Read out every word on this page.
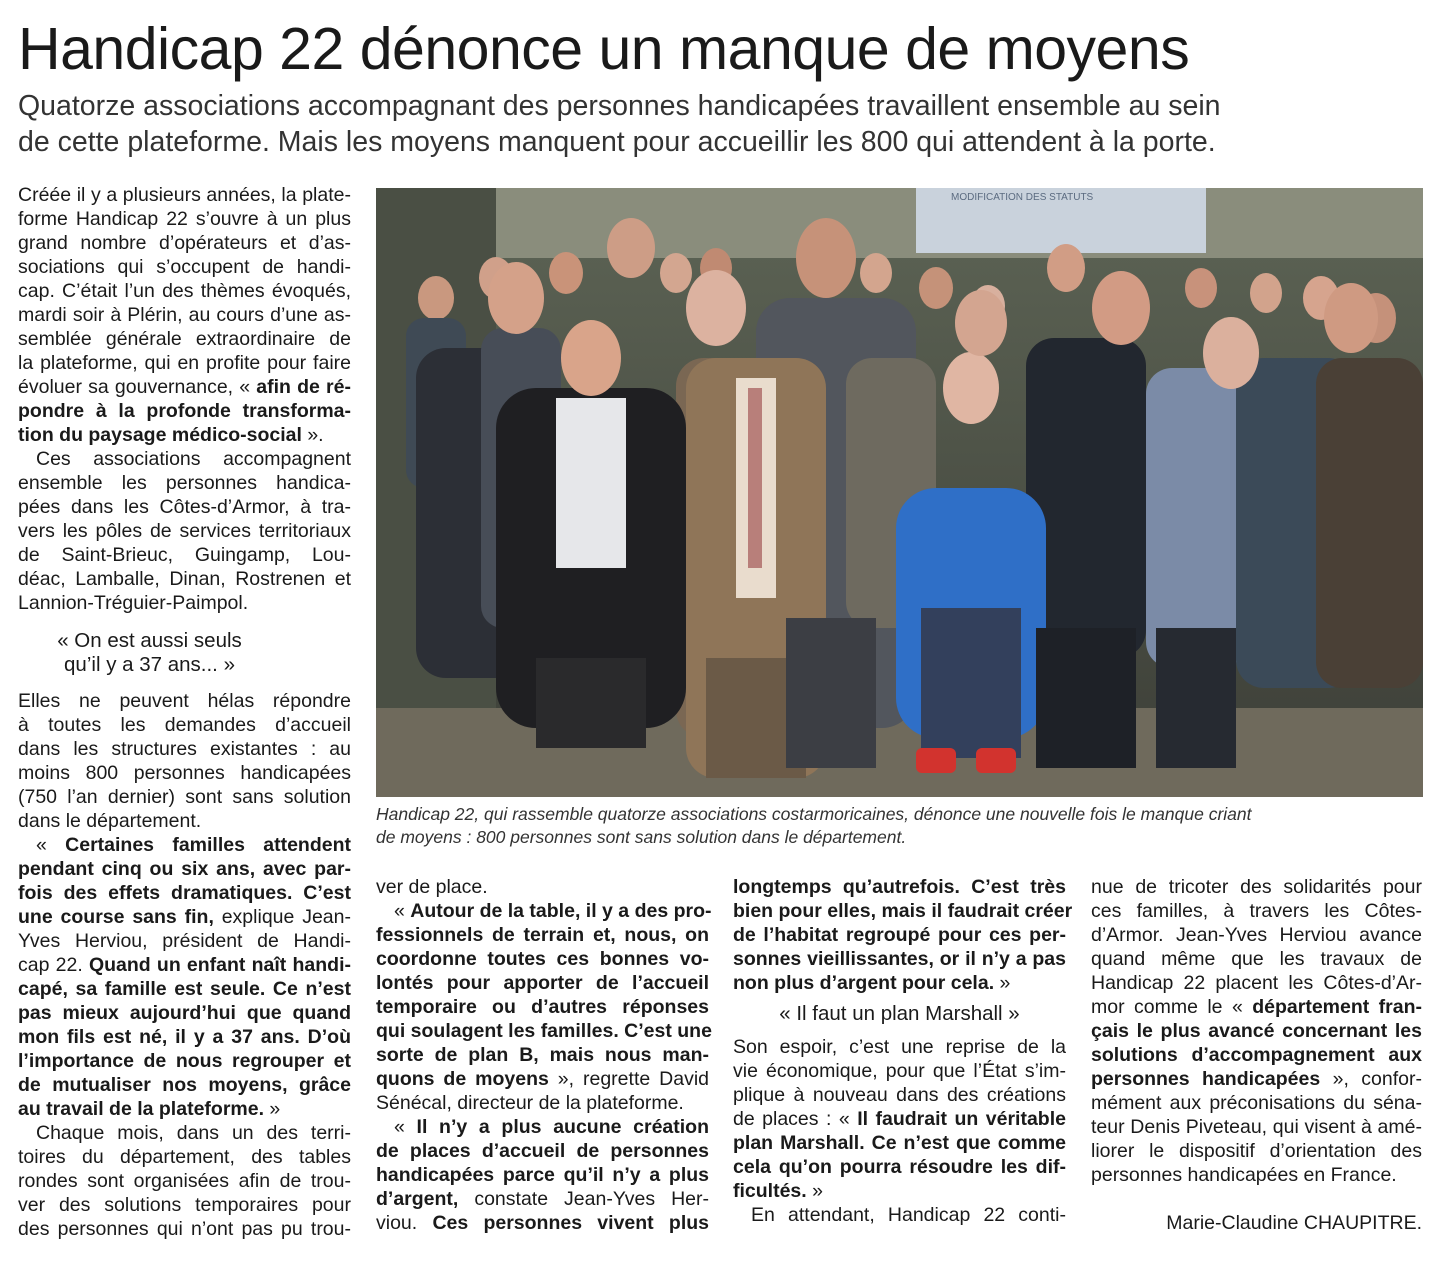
Handicap 22 dénonce un manque de moyens
Quatorze associations accompagnant des personnes handicapées travaillent ensemble au sein
de cette plateforme. Mais les moyens manquent pour accueillir les 800 qui attendent à la porte.
MODIFICATION DES STATUTS
Handicap 22, qui rassemble quatorze associations costarmoricaines, dénonce une nouvelle fois le manque criant
de moyens : 800 personnes sont sans solution dans le département.
Créée il y a plusieurs années, la plate-
forme Handicap 22 s’ouvre à un plus
grand nombre d’opérateurs et d’as-
sociations qui s’occupent de handi-
cap. C’était l’un des thèmes évoqués,
mardi soir à Plérin, au cours d’une as-
semblée générale extraordinaire de
la plateforme, qui en profite pour faire
évoluer sa gouvernance, « afin de ré-
pondre à la profonde transforma-
tion du paysage médico-social ».
Ces associations accompagnent
ensemble les personnes handica-
pées dans les Côtes-d’Armor, à tra-
vers les pôles de services territoriaux
de Saint-Brieuc, Guingamp, Lou-
déac, Lamballe, Dinan, Rostrenen et
Lannion-Tréguier-Paimpol.
« On est aussi seuls
qu’il y a 37 ans... »
Elles ne peuvent hélas répondre
à toutes les demandes d’accueil
dans les structures existantes : au
moins 800 personnes handicapées
(750 l’an dernier) sont sans solution
dans le département.
« Certaines familles attendent
pendant cinq ou six ans, avec par-
fois des effets dramatiques. C’est
une course sans fin, explique Jean-
Yves Herviou, président de Handi-
cap 22. Quand un enfant naît handi-
capé, sa famille est seule. Ce n’est
pas mieux aujourd’hui que quand
mon fils est né, il y a 37 ans. D’où
l’importance de nous regrouper et
de mutualiser nos moyens, grâce
au travail de la plateforme. »
Chaque mois, dans un des terri-
toires du département, des tables
rondes sont organisées afin de trou-
ver des solutions temporaires pour
des personnes qui n’ont pas pu trou-
ver de place.
« Autour de la table, il y a des pro-
fessionnels de terrain et, nous, on
coordonne toutes ces bonnes vo-
lontés pour apporter de l’accueil
temporaire ou d’autres réponses
qui soulagent les familles. C’est une
sorte de plan B, mais nous man-
quons de moyens », regrette David
Sénécal, directeur de la plateforme.
« Il n’y a plus aucune création
de places d’accueil de personnes
handicapées parce qu’il n’y a plus
d’argent, constate Jean-Yves Her-
viou. Ces personnes vivent plus
longtemps qu’autrefois. C’est très
bien pour elles, mais il faudrait créer
de l’habitat regroupé pour ces per-
sonnes vieillissantes, or il n’y a pas
non plus d’argent pour cela. »
« Il faut un plan Marshall »
Son espoir, c’est une reprise de la
vie économique, pour que l’État s’im-
plique à nouveau dans des créations
de places : « Il faudrait un véritable
plan Marshall. Ce n’est que comme
cela qu’on pourra résoudre les dif-
ficultés. »
En attendant, Handicap 22 conti-
nue de tricoter des solidarités pour
ces familles, à travers les Côtes-
d’Armor. Jean-Yves Herviou avance
quand même que les travaux de
Handicap 22 placent les Côtes-d’Ar-
mor comme le « département fran-
çais le plus avancé concernant les
solutions d’accompagnement aux
personnes handicapées », confor-
mément aux préconisations du séna-
teur Denis Piveteau, qui visent à amé-
liorer le dispositif d’orientation des
personnes handicapées en France.
Marie-Claudine CHAUPITRE.
